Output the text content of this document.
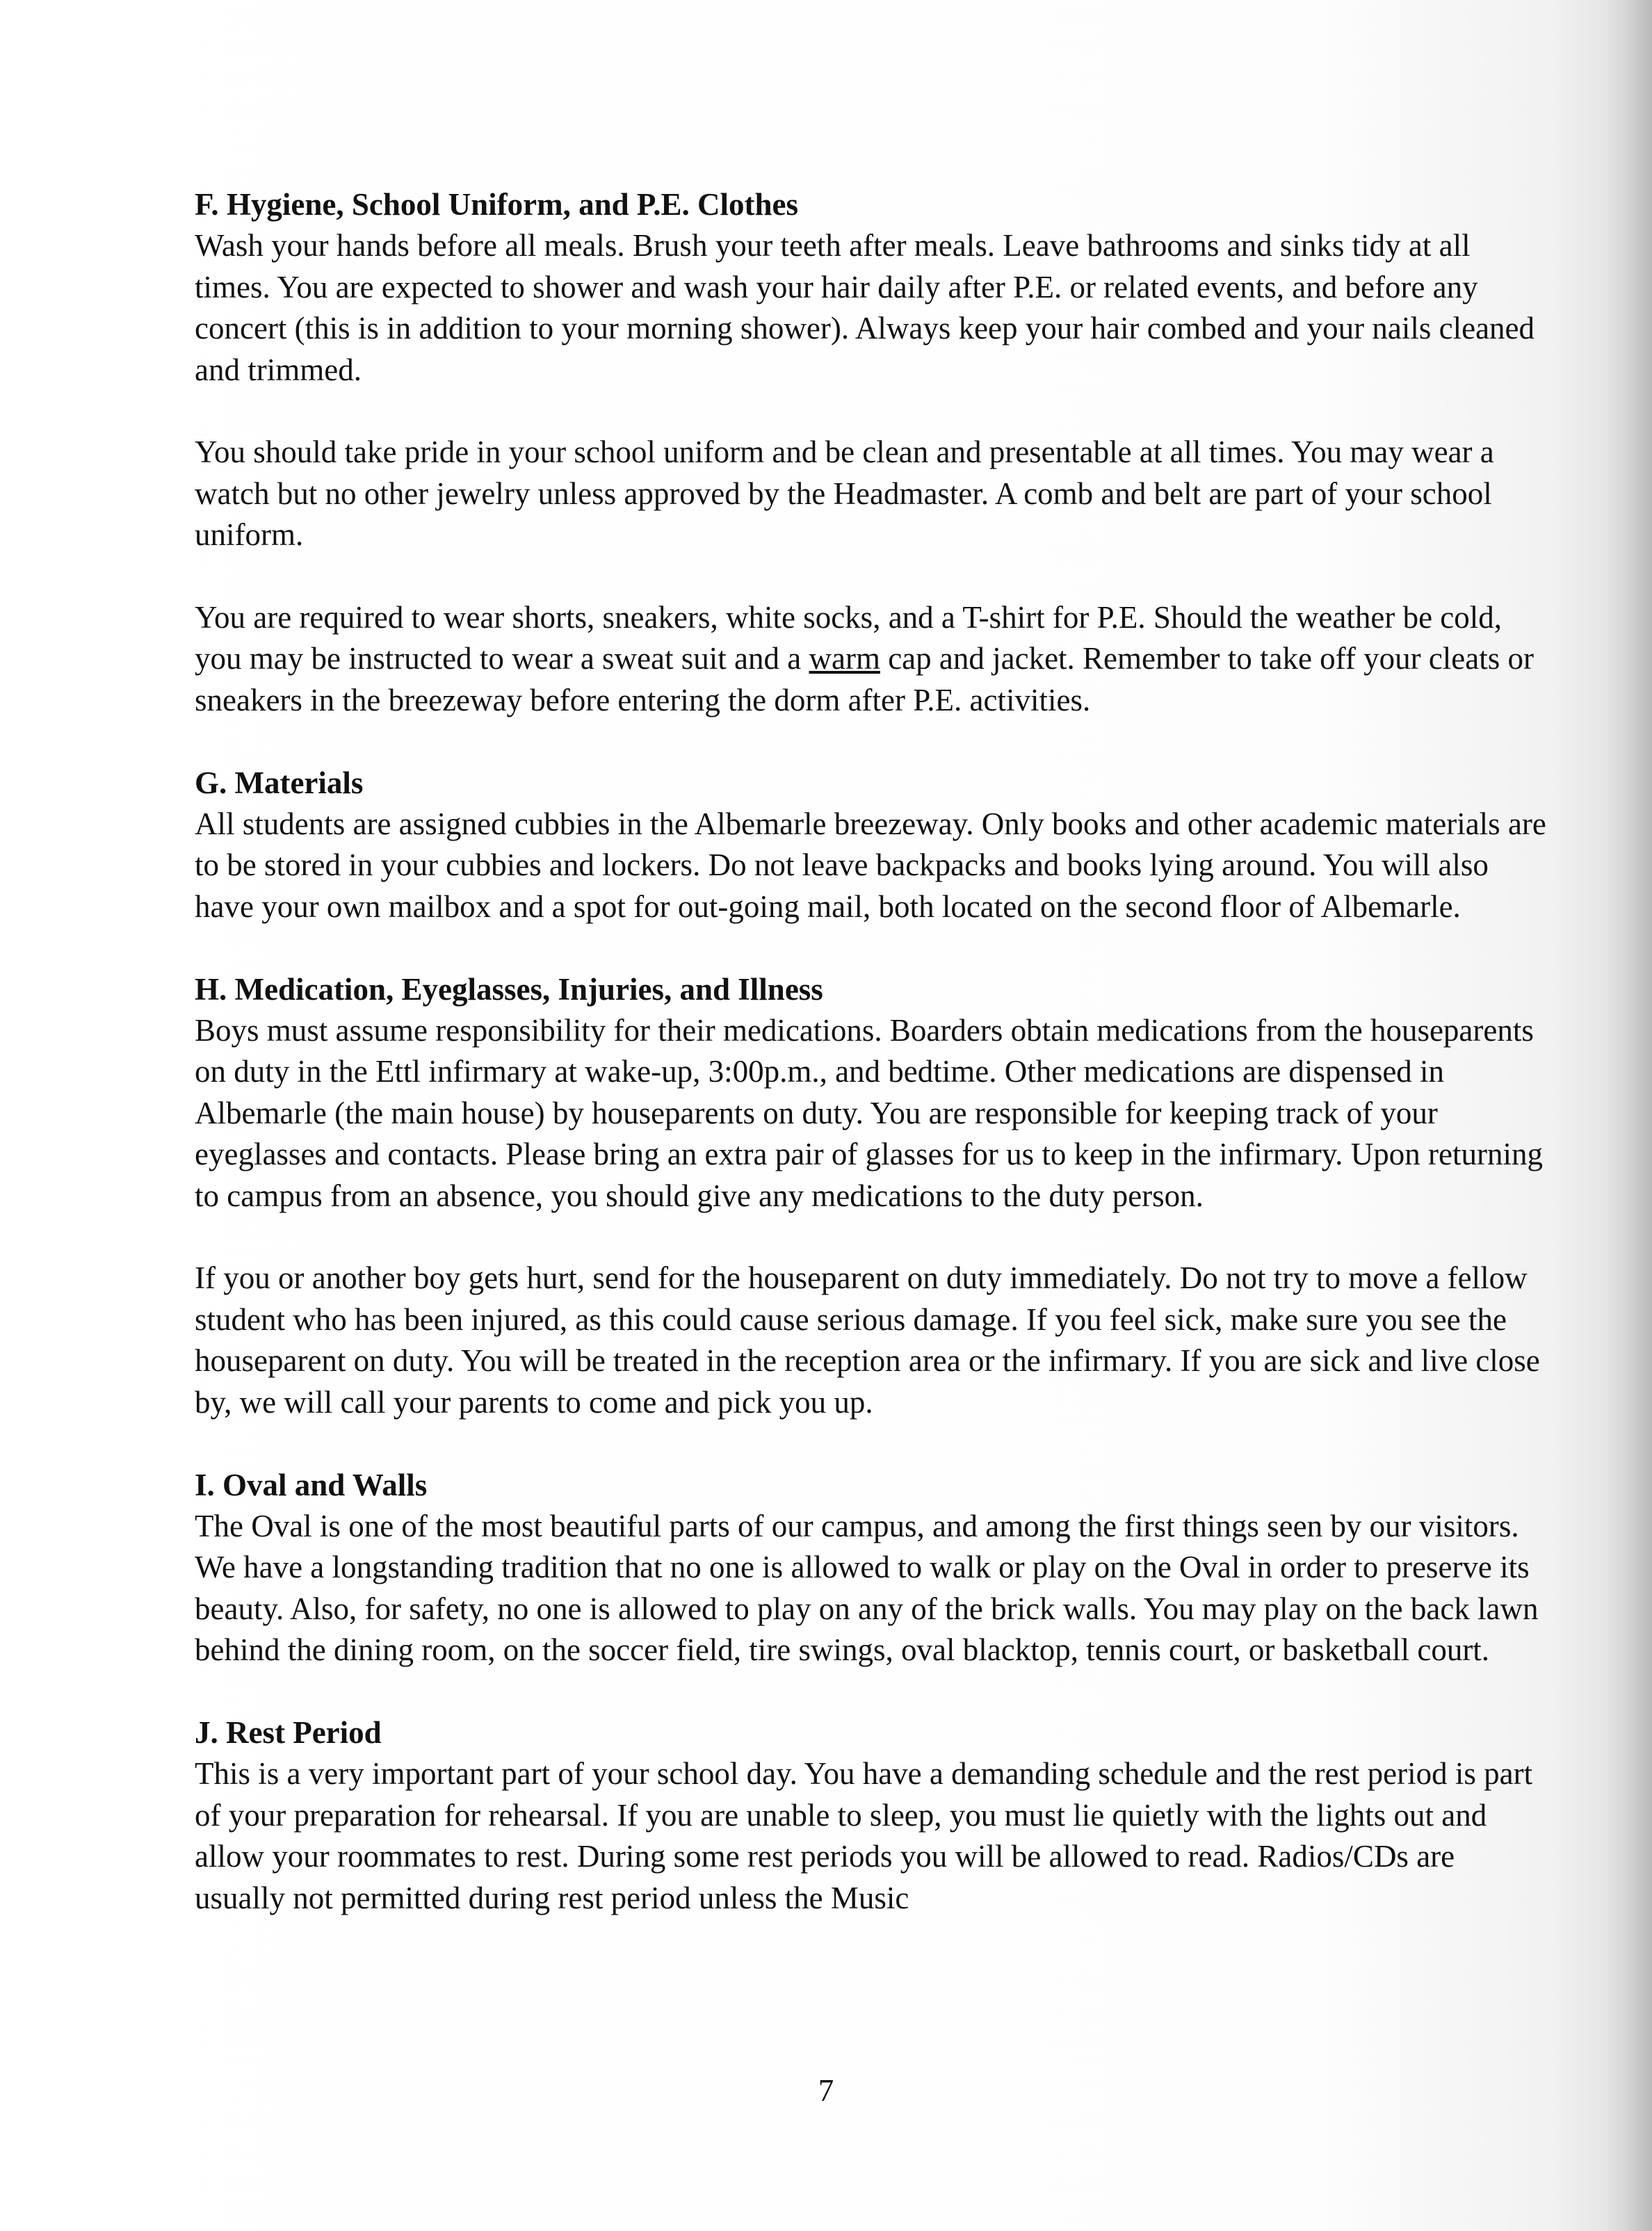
F. Hygiene, School Uniform, and P.E. Clothes

Wash your hands before all meals. Brush your teeth after meals. Leave bathrooms and sinks tidy at all times. You are expected to shower and wash your hair daily after P.E. or related events, and before any concert (this is in addition to your morning shower). Always keep your hair combed and your nails cleaned and trimmed.

You should take pride in your school uniform and be clean and presentable at all times. You may wear a watch but no other jewelry unless approved by the Headmaster. A comb and belt are part of your school uniform.

You are required to wear shorts, sneakers, white socks, and a T-shirt for P.E. Should the weather be cold, you may be instructed to wear a sweat suit and a warm cap and jacket. Remember to take off your cleats or sneakers in the breezeway before entering the dorm after P.E. activities.

G. Materials

All students are assigned cubbies in the Albemarle breezeway. Only books and other academic materials are to be stored in your cubbies and lockers. Do not leave backpacks and books lying around. You will also have your own mailbox and a spot for out-going mail, both located on the second floor of Albemarle.

H. Medication, Eyeglasses, Injuries, and Illness

Boys must assume responsibility for their medications. Boarders obtain medications from the houseparents on duty in the Ettl infirmary at wake-up, 3:00p.m., and bedtime. Other medications are dispensed in Albemarle (the main house) by houseparents on duty. You are responsible for keeping track of your eyeglasses and contacts. Please bring an extra pair of glasses for us to keep in the infirmary. Upon returning to campus from an absence, you should give any medications to the duty person.

If you or another boy gets hurt, send for the houseparent on duty immediately. Do not try to move a fellow student who has been injured, as this could cause serious damage. If you feel sick, make sure you see the houseparent on duty. You will be treated in the reception area or the infirmary. If you are sick and live close by, we will call your parents to come and pick you up.

I. Oval and Walls

The Oval is one of the most beautiful parts of our campus, and among the first things seen by our visitors. We have a longstanding tradition that no one is allowed to walk or play on the Oval in order to preserve its beauty. Also, for safety, no one is allowed to play on any of the brick walls. You may play on the back lawn behind the dining room, on the soccer field, tire swings, oval blacktop, tennis court, or basketball court.

J. Rest Period

This is a very important part of your school day. You have a demanding schedule and the rest period is part of your preparation for rehearsal. If you are unable to sleep, you must lie quietly with the lights out and allow your roommates to rest. During some rest periods you will be allowed to read. Radios/CDs are usually not permitted during rest period unless the Music

7
